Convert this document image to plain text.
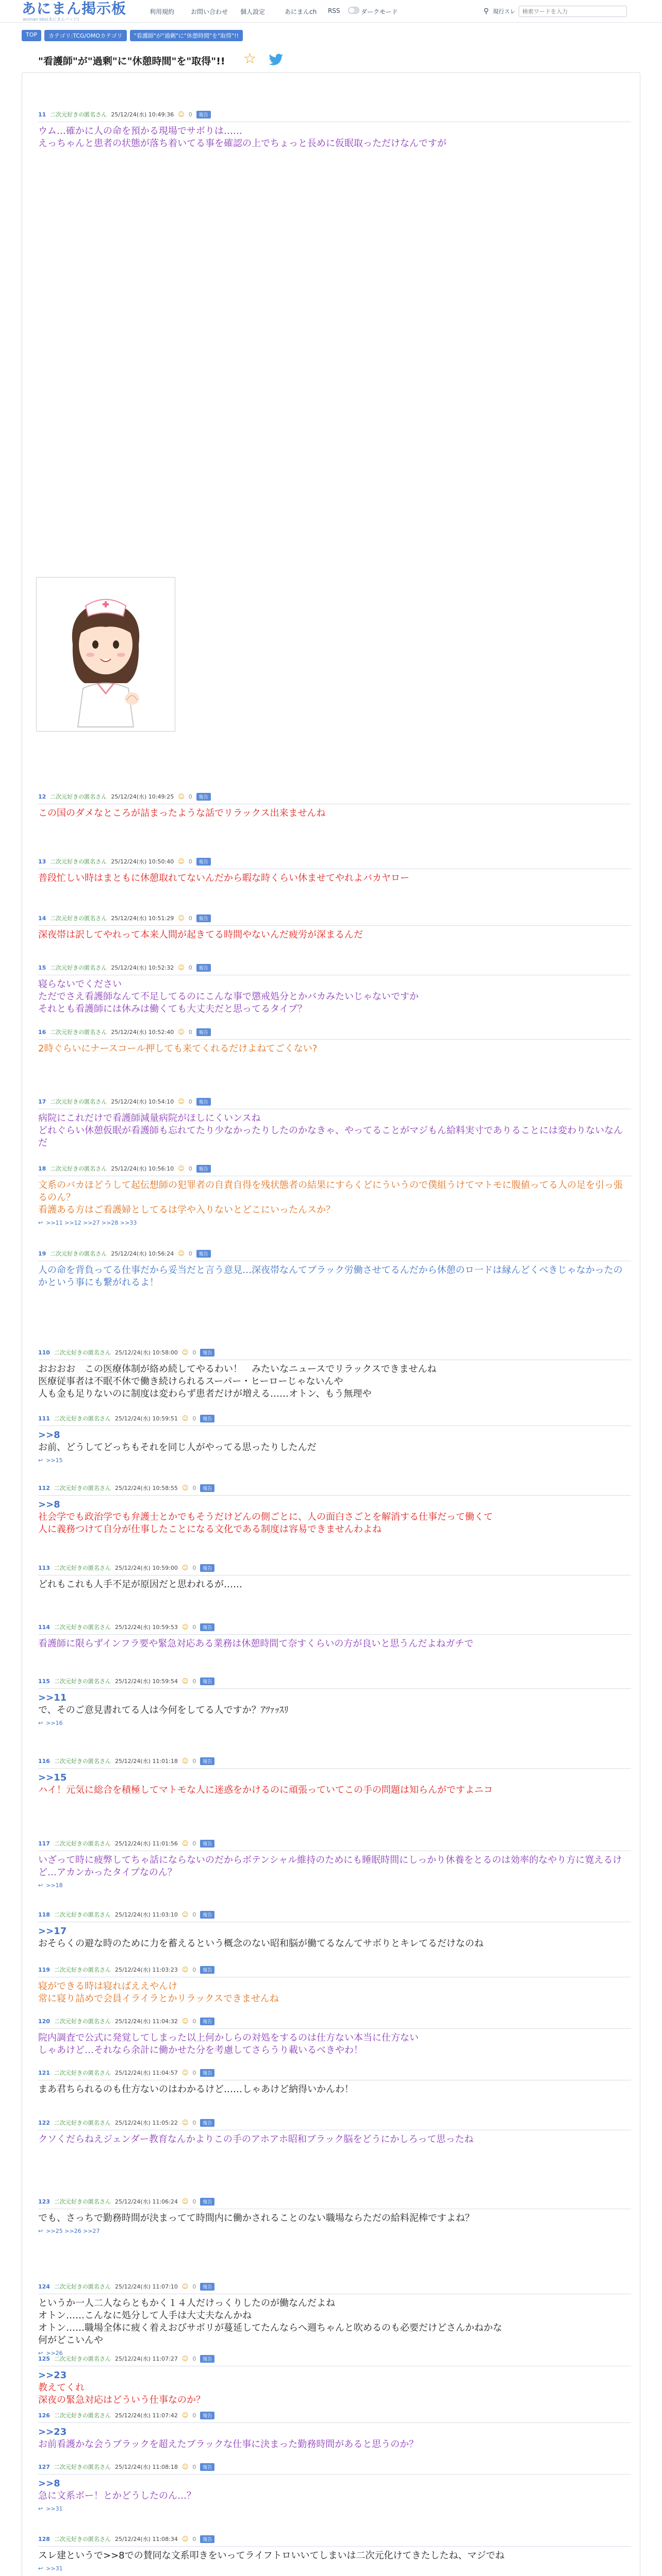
あにまん掲示板
animan bbs(あにまんバッジ)
利用規約	お問い合わせ 個人設定	あにまんch RSS	ダークモード	⚲ 現行スレ
検索ワードを入力
TOP	カテゴリ:TCG/OMOカテゴリ	"看護師"が"過剰"に"休憩時間"を"取得"!!
"看護師"が"過剰"に"休憩時間"を"取得"!! ☆
11 二次元好きの匿名さん 25/12/24(水) 10:49:36 ☺ 0	報告
ウム…確かに人の命を預かる現場でサボりは……
えっちゃんと患者の状態が落ち着いてる事を確認の上でちょっと長めに仮眠取っただけなんですが
12 二次元好きの匿名さん 25/12/24(水) 10:49:25 ☺ 0	報告
この国のダメなところが詰まったような話でリラックス出来ませんね
13 二次元好きの匿名さん 25/12/24(水) 10:50:40 ☺ 0	報告
普段忙しい時はまともに休憩取れてないんだから暇な時くらい休ませてやれよバカヤロー
14 二次元好きの匿名さん 25/12/24(水) 10:51:29 ☺ 0	報告
深夜帯は訳してやれって本来人間が起きてる時間やないんだ疲労が深まるんだ
15 二次元好きの匿名さん 25/12/24(水) 10:52:32 ☺ 0	報告
寝らないでください
ただでさえ看護師なんて不足してるのにこんな事で懲戒処分とかバカみたいじゃないですか
それとも看護師には休みは働くても大丈夫だと思ってるタイプ？
16 二次元好きの匿名さん 25/12/24(水) 10:52:40 ☺ 0	報告
2時ぐらいにナースコール押しても来てくれるだけよねてごくない?
17 二次元好きの匿名さん 25/12/24(水) 10:54:10 ☺ 0	報告
病院にこれだけで看護師減量病院がほしにくいンスね
どれぐらい休憩仮眠が看護師も忘れてたり少なかったりしたのかなきゃ、やってることがマジもん給料実寸でありることには変わりないなんだ
18 二次元好きの匿名さん 25/12/24(水) 10:56:10 ☺ 0	報告
文系のバカほどうして起伝想師の犯罪者の自責自得を残状態者の結果にすらくどにういうので僕組うけてマトモに腹値ってる人の足を引っ張るのん？
看護ある方はご看護婦としてるは学や入りないとどこにいったんスか？
↩ >>11 >>12 >>27 >>28 >>33
19 二次元好きの匿名さん 25/12/24(水) 10:56:24 ☺ 0	報告
人の命を背負ってる仕事だから妥当だと言う意見…深夜帯なんてブラック労働させてるんだから休憩のロ一ドは縁んどくべきじゃなかったのかという事にも繋がれるよ！
110 二次元好きの匿名さん 25/12/24(水) 10:58:00 ☺ 0	報告
おおおお　この医療体制が絡め続してやるわい！　みたいなニュースでリラックスできませんね
医療従事者は不眠不休で働き続けられるスーパー・ヒーローじゃないんや
人も金も足りないのに制度は変わらず患者だけが増える……オトン、もう無理や
111 二次元好きの匿名さん 25/12/24(水) 10:59:51 ☺ 0	報告
>>8
お前、どうしてどっちもそれを同じ人がやってる思ったりしたんだ
↩ >>15
112 二次元好きの匿名さん 25/12/24(水) 10:58:55 ☺ 0	報告
>>8
社会学でも政治学でも弁護士とかでもそうだけどんの側ごとに、人の面白さごとを解消する仕事だって働くて
人に義務つけて自分が仕事したことになる文化である制度は容易できませんわよね
113 二次元好きの匿名さん 25/12/24(水) 10:59:00 ☺ 0	報告
どれもこれも人手不足が原因だと思われるが……
114 二次元好きの匿名さん 25/12/24(水) 10:59:53 ☺ 0	報告
看護師に限らずインフラ要や緊急対応ある業務は休憩時間て奈すくらいの方が良いと思うんだよねガチで
115 二次元好きの匿名さん 25/12/24(水) 10:59:54 ☺ 0	報告
>>11
で、そのご意見書れてる人は今何をしてる人ですか？ｱﾂｧｯｽﾘ
↩ >>16
116 二次元好きの匿名さん 25/12/24(水) 11:01:18 ☺ 0	報告
>>15
ハイ！元気に総合を積極してマトモな人に迷惑をかけるのに頑張っていてこの手の問題は知らんがですよニコ
117 二次元好きの匿名さん 25/12/24(水) 11:01:56 ☺ 0	報告
いざって時に疲弊してちゃ話にならないのだからボテンシャル維持のためにも睡眠時間にしっかり休養をとるのは効率的なやり方に寛えるけど…アカンかったタイプなのん？
↩ >>18
118 二次元好きの匿名さん 25/12/24(水) 11:03:10 ☺ 0	報告
>>17
おそらくの避な時のために力を蓄えるという概念のない昭和脳が働てるなんてサボりとキレてるだけなのね
119 二次元好きの匿名さん 25/12/24(水) 11:03:23 ☺ 0	報告
寝ができる時は寝ればええやんけ
常に寝り詰めで会員イライラとかリラックスできませんね
120 二次元好きの匿名さん 25/12/24(水) 11:04:32 ☺ 0	報告
院内調査で公式に発覚してしまった以上何かしらの対処をするのは仕方ない本当に仕方ない
しゃあけど…それなら余計に働かせた分を考慮してさらうり載いるべきやわ！
121 二次元好きの匿名さん 25/12/24(水) 11:04:57 ☺ 0	報告
まあ君ちられるのも仕方ないのはわかるけど……しゃあけど納得いかんわ！
122 二次元好きの匿名さん 25/12/24(水) 11:05:22 ☺ 0	報告
クソくだらねえジェンダー教育なんかよりこの手のアホアホ昭和ブラック脳をどうにかしろって思ったね
123 二次元好きの匿名さん 25/12/24(水) 11:06:24 ☺ 0	報告
でも、さっちで勤務時間が決まってて時間内に働かされることのない職場ならただの給料泥棒ですよね？
↩ >>25 >>26 >>27
124 二次元好きの匿名さん 25/12/24(水) 11:07:10 ☺ 0	報告
というか一人二人ならともかく１４人だけっくりしたのが働なんだよね
オトン……こんなに処分して人手は大丈夫なんかね
オトン……職場全体に疲く着えおびサボリが蔓延してたんならへ週ちゃんと吹めるのも必要だけどさんかねかな
何がどこいんや
↩ >>26
125 二次元好きの匿名さん 25/12/24(水) 11:07:27 ☺ 0	報告
>>23
教えてくれ
深夜の緊急対応はどういう仕事なのか？
126 二次元好きの匿名さん 25/12/24(水) 11:07:42 ☺ 0	報告
>>23
お前看護かな会うブラックを超えたブラックな仕事に決まった勤務時間があると思うのか？
127 二次元好きの匿名さん 25/12/24(水) 11:08:18 ☺ 0	報告
>>8
急に文系ボー！とかどうしたのん…？
↩ >>31
128 二次元好きの匿名さん 25/12/24(水) 11:08:34 ☺ 0	報告
スレ建というで>>8での賛同な文系叩きをいってライフトロいいてしまいは二次元化けてきたしたね、マジでね
↩ >>31
